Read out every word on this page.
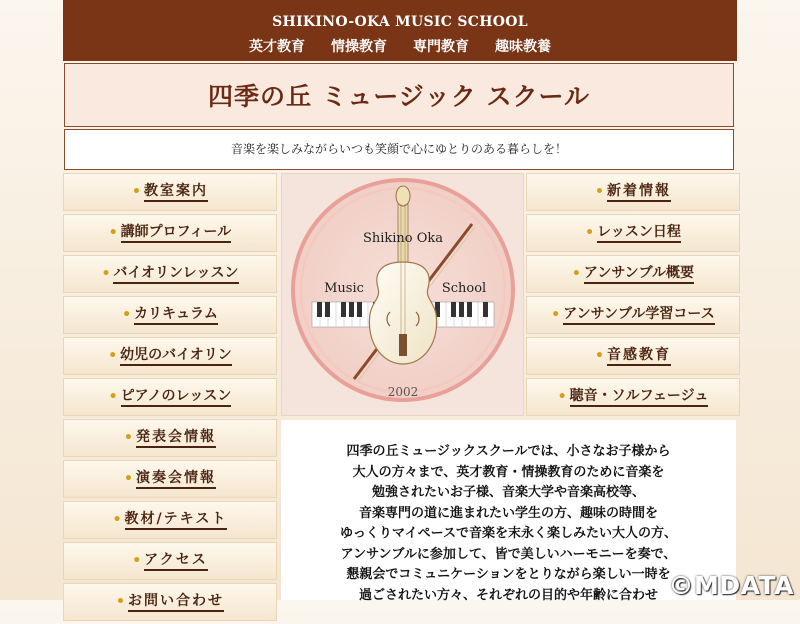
SHIKINO-OKA MUSIC SCHOOL
英才教育 情操教育 専門教育 趣味教養
四季の丘 ミュージック スクール
音楽を楽しみながらいつも笑顔で心にゆとりのある暮らしを！
• 教室案内
• 講師プロフィール
• バイオリンレッスン
• カリキュラム
• 幼児のバイオリン
• ピアノのレッスン
• 発表会情報
• 演奏会情報
• 教材/テキスト
• アクセス
• お問い合わせ
Shikino Oka
Music	School
2002
• 新着情報
• レッスン日程
• アンサンブル概要
• アンサンブル学習コース
• 音感教育
• 聴音・ソルフェージュ

四季の丘ミュージックスクールでは、小さなお子様から

大人の方々まで、英才教育・情操教育のために音楽を

勉強されたいお子様、音楽大学や音楽高校等、

音楽専門の道に進まれたい学生の方、趣味の時間を

ゆっくりマイペースで音楽を末永く楽しみたい大人の方、

アンサンブルに参加して、皆で美しいハーモニーを奏で、

懇親会でコミュニケーションをとりながら楽しい一時を

過ごされたい方々、それぞれの目的や年齢に合わせ ©MDATA
